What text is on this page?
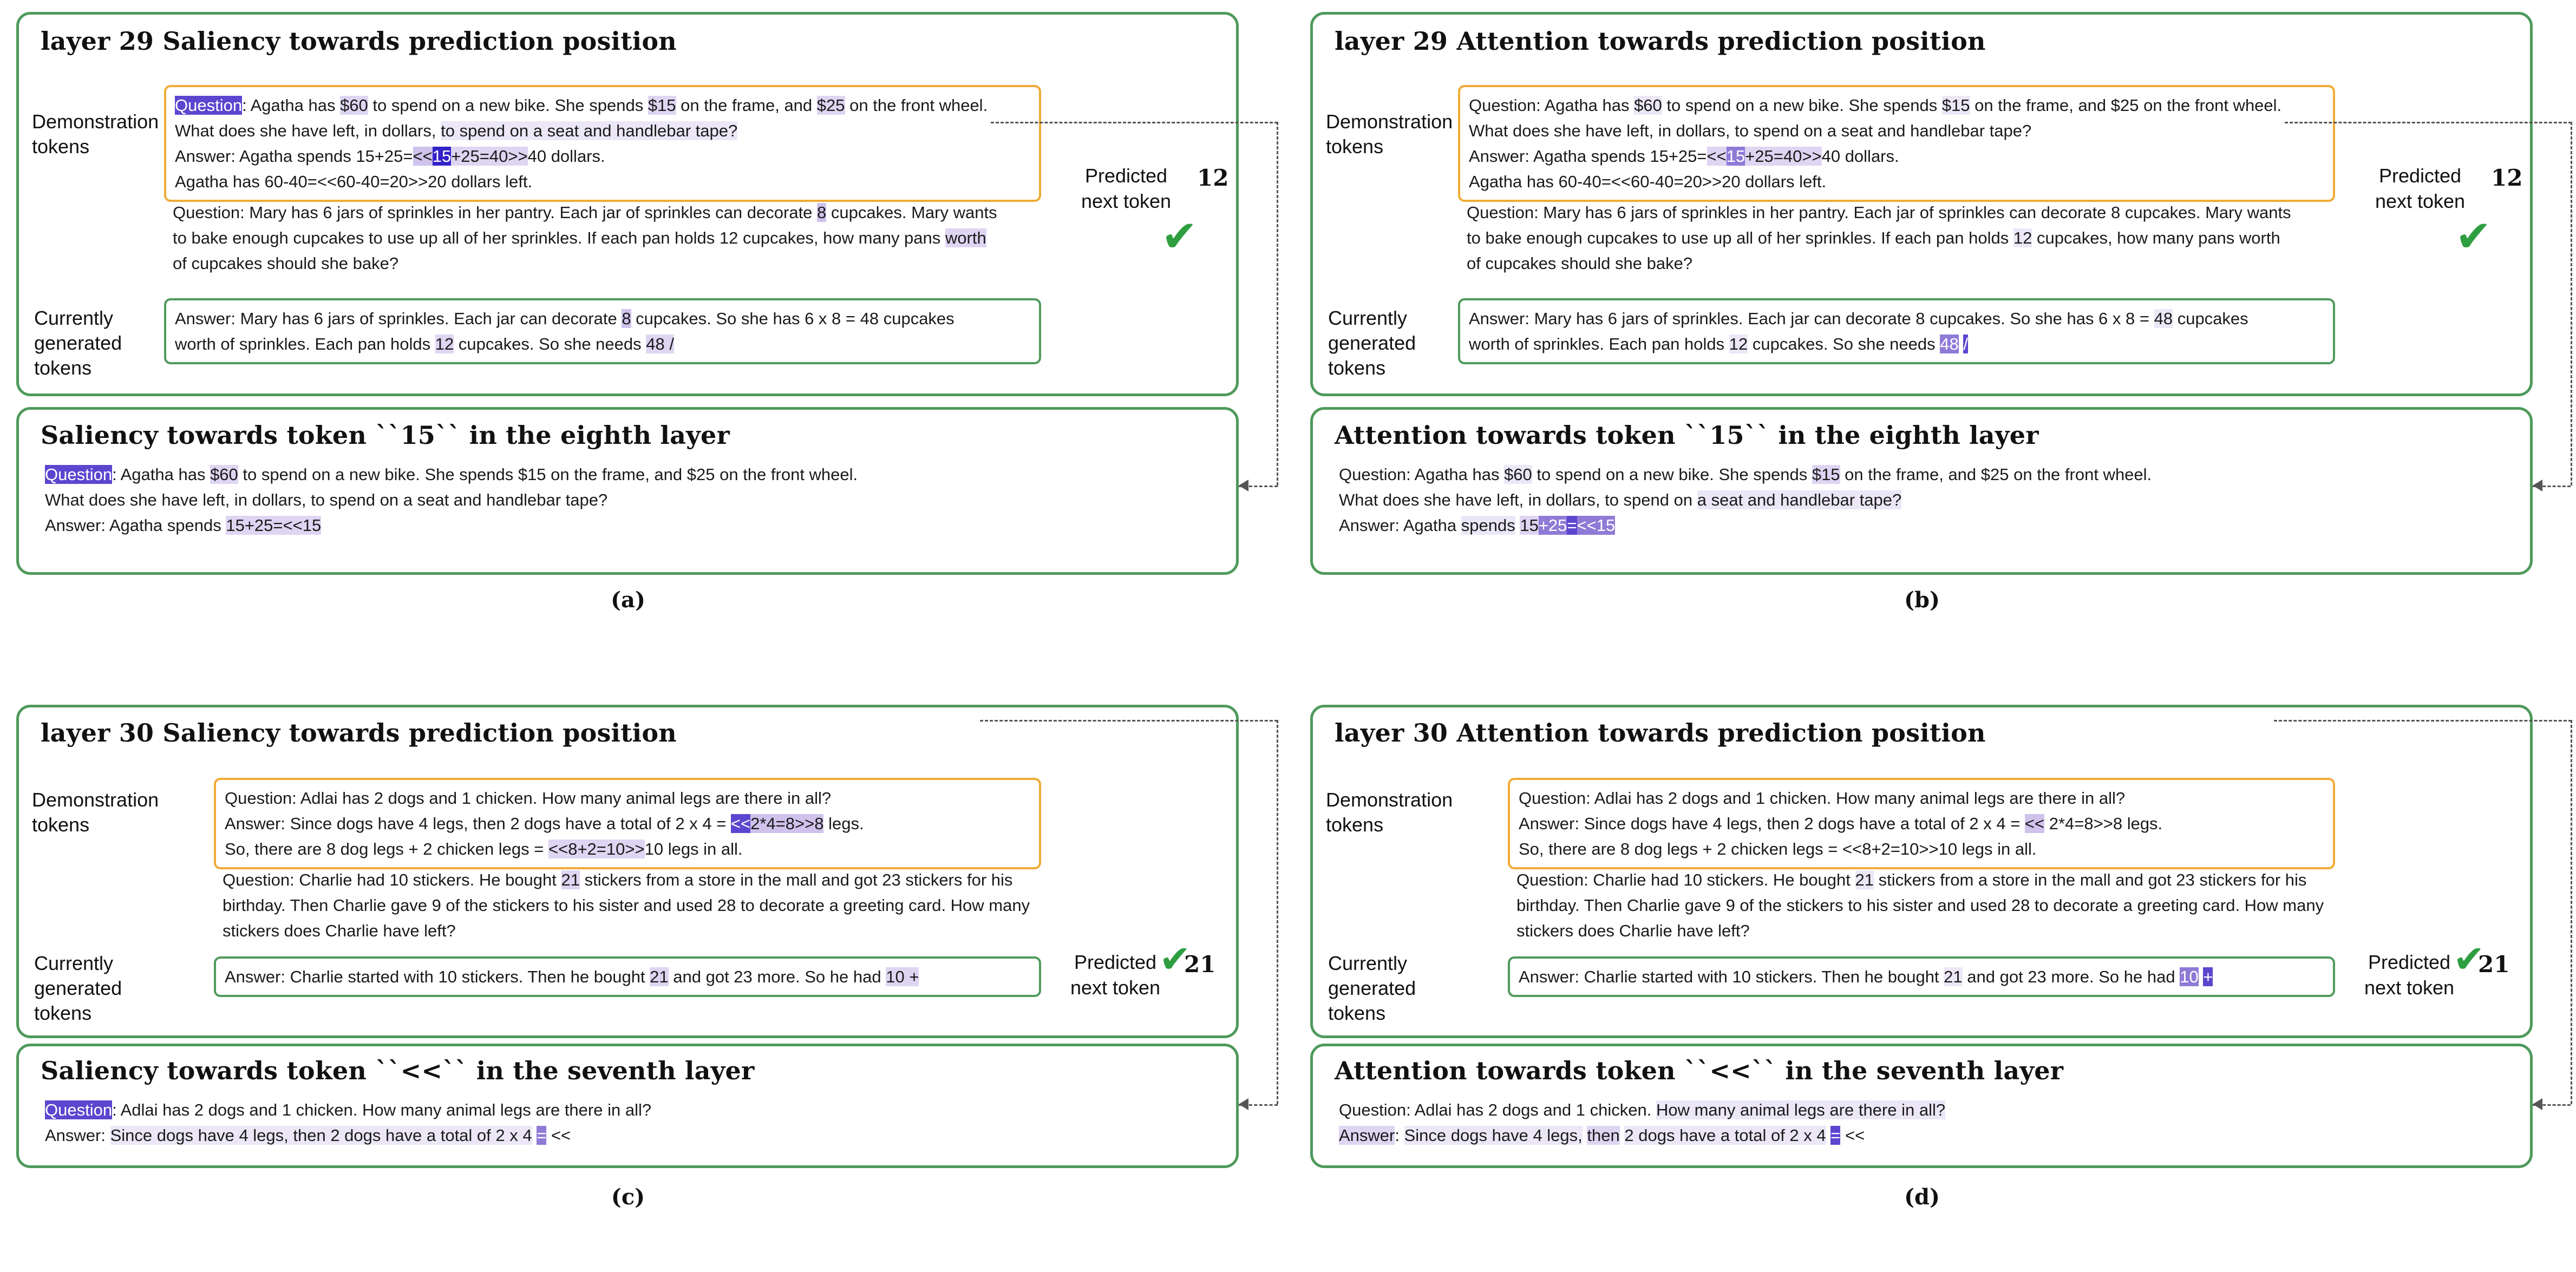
layer 29 Saliency towards prediction position
Demonstration
tokens
Currently
generated
tokens
Question: Agatha has $60 to spend on a new bike. She spends $15 on the frame, and $25 on the front wheel.
What does she have left, in dollars, to spend on a seat and handlebar tape?
Answer: Agatha spends 15+25=<<15+25=40>>40 dollars.
Agatha has 60-40=<<60-40=20>>20 dollars left.
Question: Mary has 6 jars of sprinkles in her pantry. Each jar of sprinkles can decorate 8 cupcakes. Mary wants
to bake enough cupcakes to use up all of her sprinkles. If each pan holds 12 cupcakes, how many pans worth
of cupcakes should she bake?
Answer: Mary has 6 jars of sprinkles. Each jar can decorate 8 cupcakes. So she has 6 x 8 = 48 cupcakes
worth of sprinkles. Each pan holds 12 cupcakes. So she needs 48 /
Predicted
next token
12
✔
Saliency towards token ``15`` in the eighth layer
Question: Agatha has $60 to spend on a new bike. She spends $15 on the frame, and $25 on the front wheel.
What does she have left, in dollars, to spend on a seat and handlebar tape?
Answer: Agatha spends 15+25=<<15
(a)
layer 29 Attention towards prediction position
Demonstration
tokens
Currently
generated
tokens
Question: Agatha has $60 to spend on a new bike. She spends $15 on the frame, and $25 on the front wheel.
What does she have left, in dollars, to spend on a seat and handlebar tape?
Answer: Agatha spends 15+25=<<15+25=40>>40 dollars.
Agatha has 60-40=<<60-40=20>>20 dollars left.
Question: Mary has 6 jars of sprinkles in her pantry. Each jar of sprinkles can decorate 8 cupcakes. Mary wants
to bake enough cupcakes to use up all of her sprinkles. If each pan holds 12 cupcakes, how many pans worth
of cupcakes should she bake?
Answer: Mary has 6 jars of sprinkles. Each jar can decorate 8 cupcakes. So she has 6 x 8 = 48 cupcakes
worth of sprinkles. Each pan holds 12 cupcakes. So she needs 48 /
Predicted
next token
12
✔
Attention towards token ``15`` in the eighth layer
Question: Agatha has $60 to spend on a new bike. She spends $15 on the frame, and $25 on the front wheel.
What does she have left, in dollars, to spend on a seat and handlebar tape?
Answer: Agatha spends 15+25=<<15
(b)
layer 30 Saliency towards prediction position
Demonstration
tokens
Currently
generated
tokens
Question: Adlai has 2 dogs and 1 chicken. How many animal legs are there in all?
Answer: Since dogs have 4 legs, then 2 dogs have a total of 2 x 4 = <<2*4=8>>8 legs.
So, there are 8 dog legs + 2 chicken legs = <<8+2=10>>10 legs in all.
Question: Charlie had 10 stickers. He bought 21 stickers from a store in the mall and got 23 stickers for his
birthday. Then Charlie gave 9 of the stickers to his sister and used 28 to decorate a greeting card. How many
stickers does Charlie have left?
Answer: Charlie started with 10 stickers. Then he bought 21 and got 23 more. So he had 10 +
Predicted
next token
21
✔
Saliency towards token ``<<`` in the seventh layer
Question: Adlai has 2 dogs and 1 chicken. How many animal legs are there in all?
Answer: Since dogs have 4 legs, then 2 dogs have a total of 2 x 4 = <<
(c)
layer 30 Attention towards prediction position
Demonstration
tokens
Currently
generated
tokens
Question: Adlai has 2 dogs and 1 chicken. How many animal legs are there in all?
Answer: Since dogs have 4 legs, then 2 dogs have a total of 2 x 4 = << 2*4=8>>8 legs.
So, there are 8 dog legs + 2 chicken legs = <<8+2=10>>10 legs in all.
Question: Charlie had 10 stickers. He bought 21 stickers from a store in the mall and got 23 stickers for his
birthday. Then Charlie gave 9 of the stickers to his sister and used 28 to decorate a greeting card. How many
stickers does Charlie have left?
Answer: Charlie started with 10 stickers. Then he bought 21 and got 23 more. So he had 10 +
Predicted
next token
21
✔
Attention towards token ``<<`` in the seventh layer
Question: Adlai has 2 dogs and 1 chicken. How many animal legs are there in all?
Answer: Since dogs have 4 legs, then 2 dogs have a total of 2 x 4 = <<
(d)
